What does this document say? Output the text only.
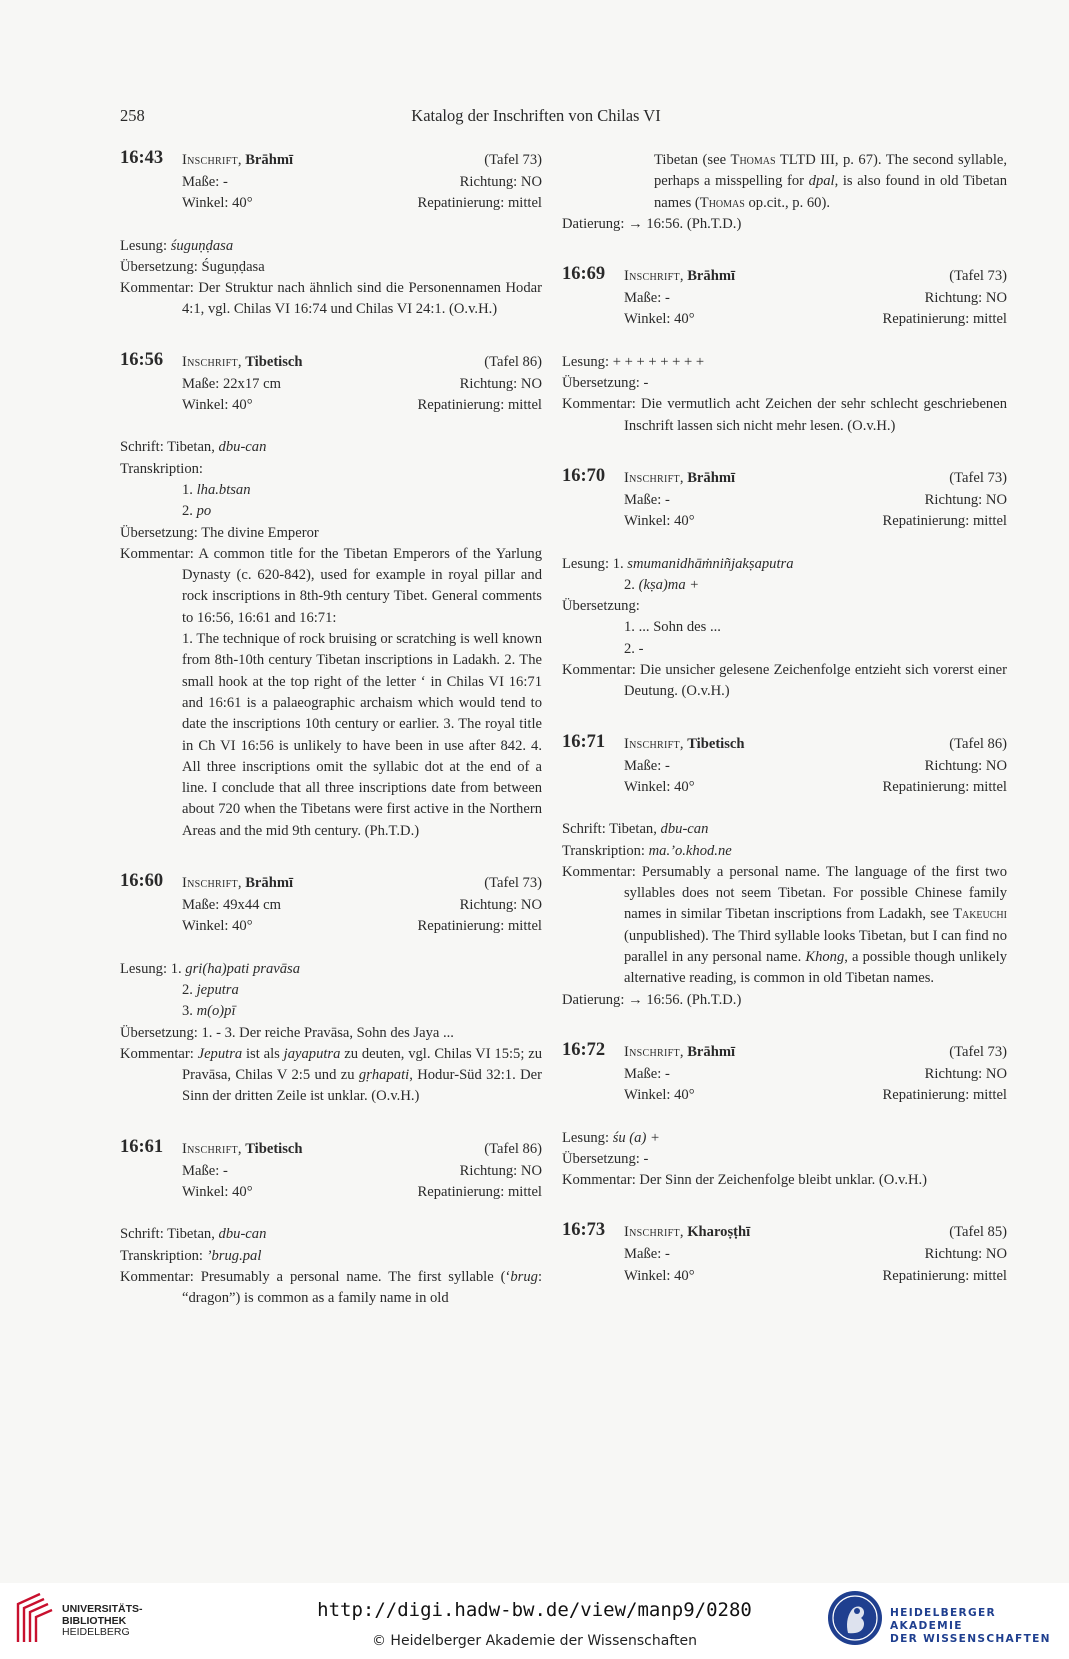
258	Katalog der Inschriften von Chilas VI
16:43 Inschrift, Brāhmī	(Tafel 73)
Maße: -	Richtung: NO
Winkel: 40°	Repatinierung: mittel
Lesung: śuguṇḍasa
Übersetzung: Śuguṇḍasa
Kommentar: Der Struktur nach ähnlich sind die Personennamen Hodar 4:1, vgl. Chilas VI 16:74 und Chilas VI 24:1. (O.v.H.)
16:56 Inschrift, Tibetisch	(Tafel 86)
Maße: 22x17 cm	Richtung: NO
Winkel: 40°	Repatinierung: mittel
Schrift: Tibetan, dbu-can
Transkription:
1. lha.btsan
2. po
Übersetzung: The divine Emperor
Kommentar: A common title for the Tibetan Emperors of the Yarlung Dynasty (c. 620-842), used for example in royal pillar and rock inscriptions in 8th-9th century Tibet. General comments to 16:56, 16:61 and 16:71:
1. The technique of rock bruising or scratching is well known from 8th-10th century Tibetan inscriptions in Ladakh. 2. The small hook at the top right of the letter ‘ in Chilas VI 16:71 and 16:61 is a palaeographic archaism which would tend to date the inscriptions 10th century or earlier. 3. The royal title in Ch VI 16:56 is unlikely to have been in use after 842. 4. All three inscriptions omit the syllabic dot at the end of a line. I conclude that all three inscriptions date from between about 720 when the Tibetans were first active in the Northern Areas and the mid 9th century. (Ph.T.D.)
16:60 Inschrift, Brāhmī	(Tafel 73)
Maße: 49x44 cm	Richtung: NO
Winkel: 40°	Repatinierung: mittel
Lesung: 1. gri(ha)pati pravāsa
2. jeputra
3. m(o)pī
Übersetzung: 1. - 3. Der reiche Pravāsa, Sohn des Jaya ...
Kommentar: Jeputra ist als jayaputra zu deuten, vgl. Chilas VI 15:5; zu Pravāsa, Chilas V 2:5 und zu gṛhapati, Hodur-Süd 32:1. Der Sinn der dritten Zeile ist unklar. (O.v.H.)
16:61 Inschrift, Tibetisch	(Tafel 86)
Maße: -	Richtung: NO
Winkel: 40°	Repatinierung: mittel
Schrift: Tibetan, dbu-can
Transkription: ’brug.pal
Kommentar: Presumably a personal name. The first syllable (‘brug: “dragon”) is common as a family name in old
Tibetan (see Thomas TLTD III, p. 67). The second syllable, perhaps a misspelling for dpal, is also found in old Tibetan names (Thomas op.cit., p. 60).
Datierung: → 16:56. (Ph.T.D.)
16:69 Inschrift, Brāhmī	(Tafel 73)
Maße: -	Richtung: NO
Winkel: 40°	Repatinierung: mittel
Lesung: + + + + + + + +
Übersetzung: -
Kommentar: Die vermutlich acht Zeichen der sehr schlecht geschriebenen Inschrift lassen sich nicht mehr lesen. (O.v.H.)
16:70 Inschrift, Brāhmī	(Tafel 73)
Maße: -	Richtung: NO
Winkel: 40°	Repatinierung: mittel
Lesung: 1. smumanidhāṁniñjakṣaputra
2. (kṣa)ma +
Übersetzung:
1. ... Sohn des ...
2. -
Kommentar: Die unsicher gelesene Zeichenfolge entzieht sich vorerst einer Deutung. (O.v.H.)
16:71 Inschrift, Tibetisch	(Tafel 86)
Maße: -	Richtung: NO
Winkel: 40°	Repatinierung: mittel
Schrift: Tibetan, dbu-can
Transkription: ma.’o.khod.ne
Kommentar: Persumably a personal name. The language of the first two syllables does not seem Tibetan. For possible Chinese family names in similar Tibetan inscriptions from Ladakh, see Takeuchi (unpublished). The Third syllable looks Tibetan, but I can find no parallel in any personal name. Khong, a possible though unlikely alternative reading, is common in old Tibetan names.
Datierung: → 16:56. (Ph.T.D.)
16:72 Inschrift, Brāhmī	(Tafel 73)
Maße: -	Richtung: NO
Winkel: 40°	Repatinierung: mittel
Lesung: śu (a) +
Übersetzung: -
Kommentar: Der Sinn der Zeichenfolge bleibt unklar. (O.v.H.)
16:73 Inschrift, Kharoṣṭhī	(Tafel 85)
Maße: -	Richtung: NO
Winkel: 40°	Repatinierung: mittel
UNIVERSITÄTS-
BIBLIOTHEK
HEIDELBERG
http://digi.hadw-bw.de/view/manp9/0280
© Heidelberger Akademie der Wissenschaften
HEIDELBERGER AKADEMIE
DER WISSENSCHAFTEN
